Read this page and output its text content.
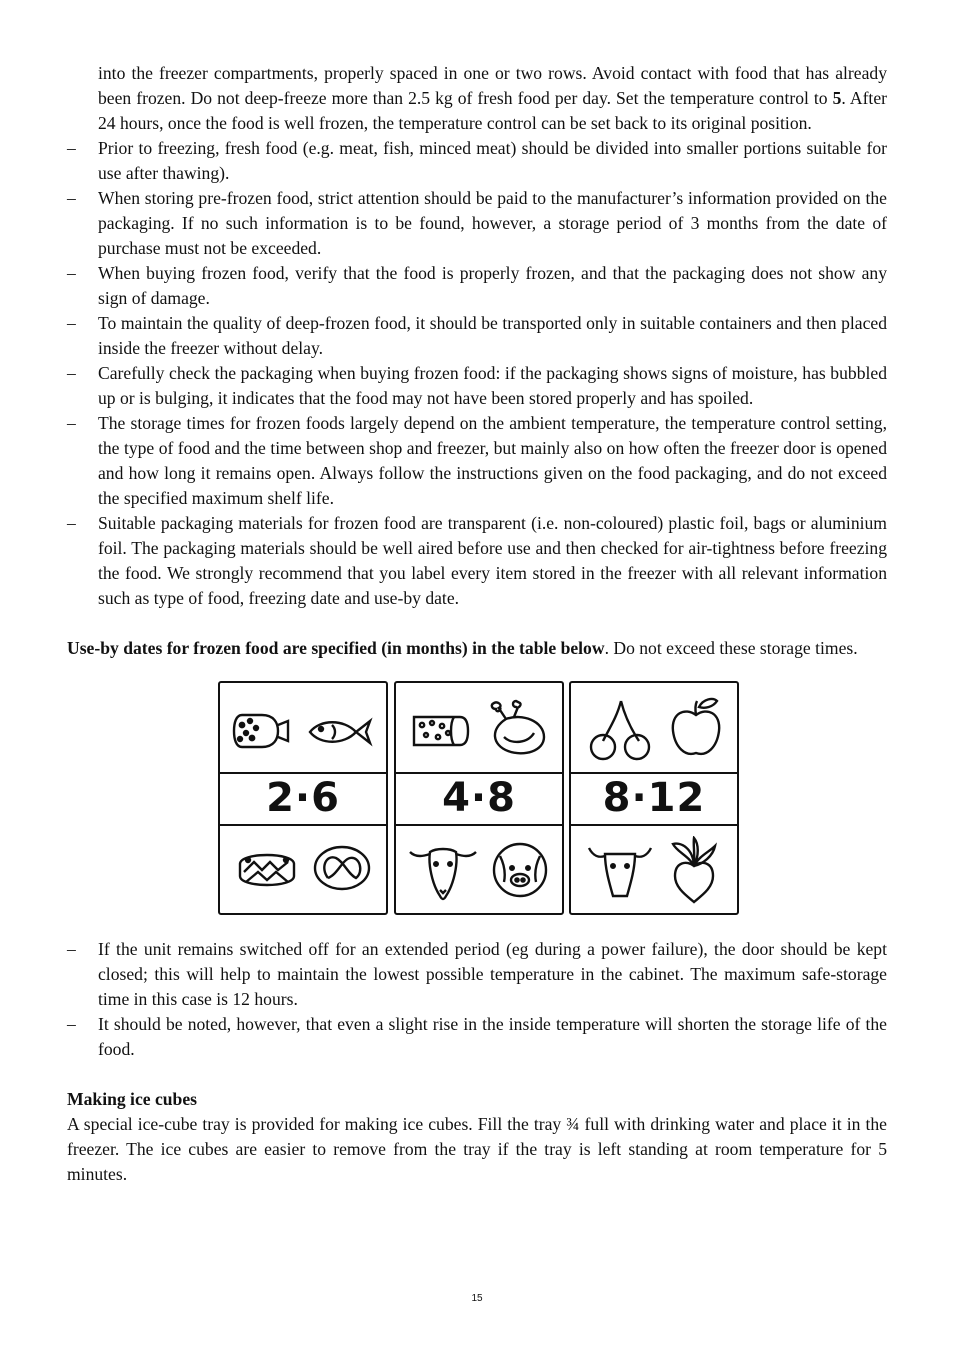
into the freezer compartments, properly spaced in one or two rows. Avoid contact with food that has already been frozen. Do not deep-freeze more than 2.5 kg of fresh food per day. Set the temperature control to 5. After 24 hours, once the food is well frozen, the temperature control can be set back to its original position.

– Prior to freezing, fresh food (e.g. meat, fish, minced meat) should be divided into smaller portions suitable for use after thawing).
– When storing pre-frozen food, strict attention should be paid to the manufacturer’s information provided on the packaging. If no such information is to be found, however, a storage period of 3 months from the date of purchase must not be exceeded.
– When buying frozen food, verify that the food is properly frozen, and that the packaging does not show any sign of damage.
– To maintain the quality of deep-frozen food, it should be transported only in suitable containers and then placed inside the freezer without delay.
– Carefully check the packaging when buying frozen food: if the packaging shows signs of moisture, has bubbled up or is bulging, it indicates that the food may not have been stored properly and has spoiled.
– The storage times for frozen foods largely depend on the ambient temperature, the temperature control setting, the type of food and the time between shop and freezer, but mainly also on how often the freezer door is opened and how long it remains open. Always follow the instructions given on the food packaging, and do not exceed the specified maximum shelf life.
– Suitable packaging materials for frozen food are transparent (i.e. non-coloured) plastic foil, bags or aluminium foil. The packaging materials should be well aired before use and then checked for air-tightness before freezing the food. We strongly recommend that you label every item stored in the freezer with all relevant information such as type of food, freezing date and use-by date.

Use-by dates for frozen food are specified (in months) in the table below. Do not exceed these storage times.

2·6	4·8	8·12
– If the unit remains switched off for an extended period (eg during a power failure), the door should be kept closed; this will help to maintain the lowest possible temperature in the cabinet. The maximum safe-storage time in this case is 12 hours.
– It should be noted, however, that even a slight rise in the inside temperature will shorten the storage life of the food.

Making ice cubes

A special ice-cube tray is provided for making ice cubes. Fill the tray ¾ full with drinking water and place it in the freezer. The ice cubes are easier to remove from the tray if the tray is left standing at room temperature for 5 minutes.

15
